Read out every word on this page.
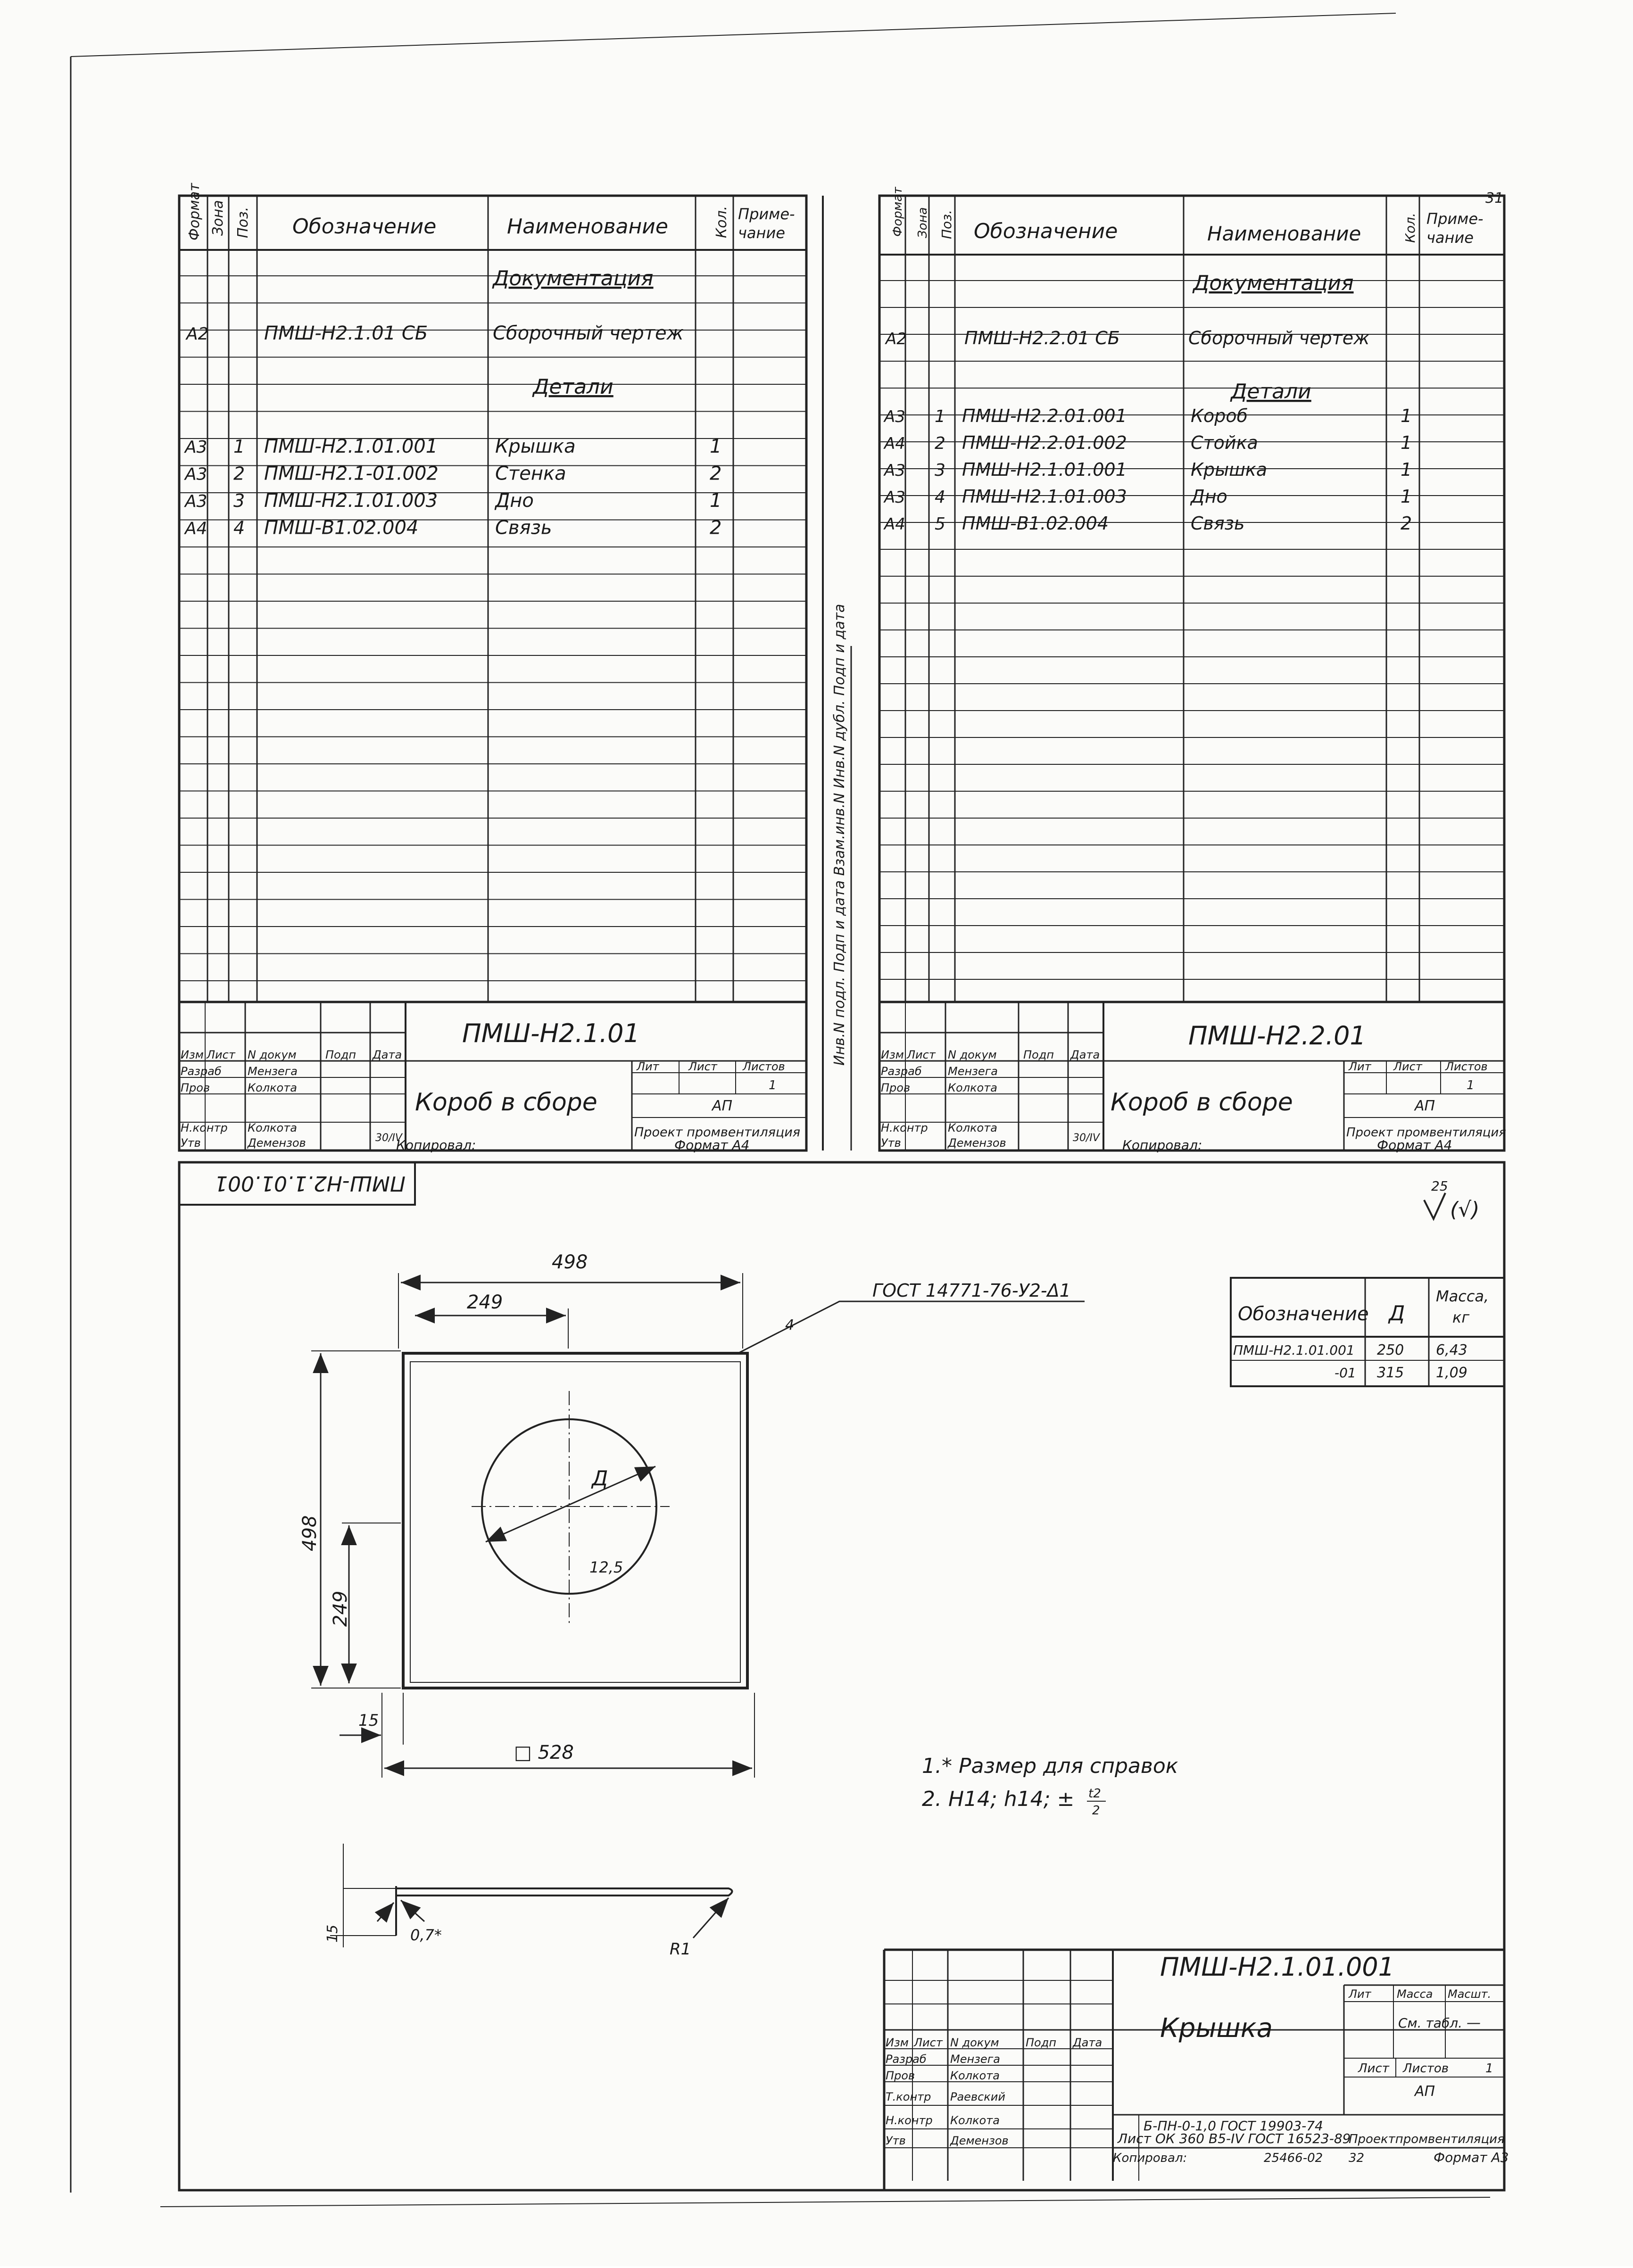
31
Формат Зона Поз. Обозначение	Наименование	Кол. Приме-
чание
Документация
А2	ПМШ-Н2.1.01 СБ	Сборочный чертеж
Детали
А3 1 ПМШ-Н2.1.01.001	Крышка	1
А3 2 ПМШ-Н2.1-01.002	Стенка	2
А3 3 ПМШ-Н2.1.01.003	Дно	1
А4 4 ПМШ-В1.02.004	Связь	2
ПМШ-Н2.1.01
Короб в сборе
Изм Лист N докум	Подп Дата
Разраб Мензега
Пров	Колкота
Н.контр Колкота
Утв	Демензов
Лит	Лист Листов
1
АП
Проект промвентиляция
30/IV
Копировал:	Формат А4
Формат Зона Поз. Обозначение	Наименование	Кол. Приме-
чание
Документация
А2	ПМШ-Н2.2.01 СБ	Сборочный чертеж
Детали
А3 1 ПМШ-Н2.2.01.001	Короб	1
А4 2 ПМШ-Н2.2.01.002	Стойка	1
А3 3 ПМШ-Н2.1.01.001	Крышка	1
А3 4 ПМШ-Н2.1.01.003	Дно	1
А4 5 ПМШ-В1.02.004	Связь	2
Инв.N подл. Подп и дата Взам.инв.N Инв.N дубл. Подп и дата	ПМШ-Н2.2.01
Короб в сборе
Изм Лист N докум Подп Дата
Разраб Мензега
Пров	Колкота
Н.контр Колкота
Утв	Демензов
Лит Лист Листов
1
АП
Проект промвентиляция
30/IV Копировал:	Формат А4
ПМШ-Н2.1.01.001	25
(√)
Д
12,5
498
249
ГОСТ 14771-76-У2-Δ1
4
498
249
□ 528
15
15	0,7*
R1
1.* Размер для справок
2. Н14; h14; ± t2
2
Обозначение Д
Масса,
кг
ПМШ-Н2.1.01.001 250 6,43
-01 315 1,09
ПМШ-Н2.1.01.001
Крышка
Изм Лист N докум Подп Дата
Разраб Мензега
Пров	Колкота
Т.контр Раевский
Н.контр Колкота
Утв	Демензов
Лит Масса Масшт.
См. табл. —
Лист Листов	1
АП
Б-ПН-0-1,0 ГОСТ 19903-74
Лист ОК 360 В5-IV ГОСТ 16523-89
Проектпромвентиляция
Копировал:	25466-02 32	Формат А3
